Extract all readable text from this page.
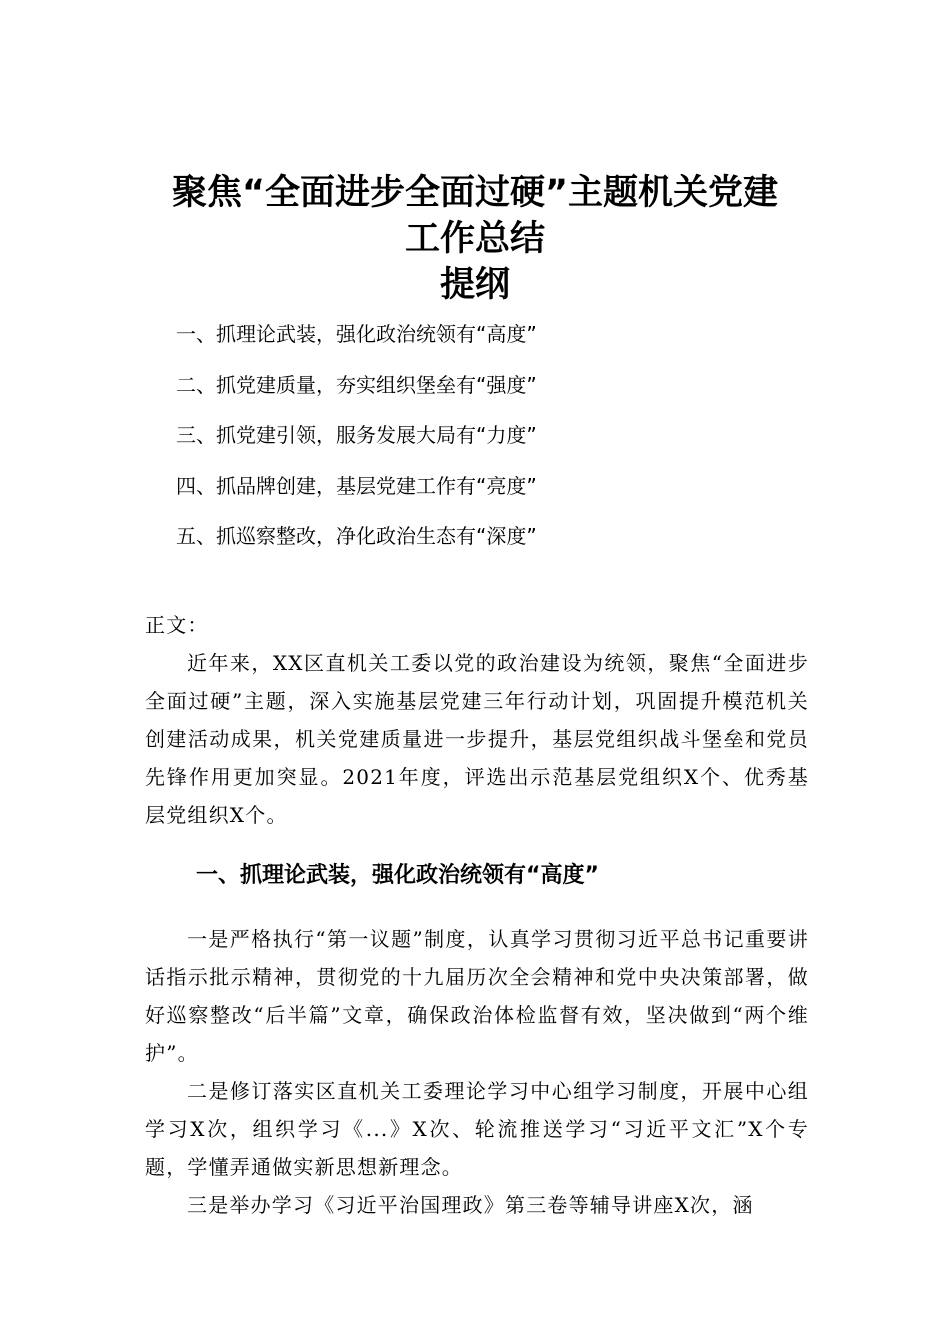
聚焦“全面进步全面过硬”主题机关党建
工作总结
提纲
一、抓理论武装，强化政治统领有“高度”
二、抓党建质量，夯实组织堡垒有“强度”
三、抓党建引领，服务发展大局有“力度”
四、抓品牌创建，基层党建工作有“亮度”
五、抓巡察整改，净化政治生态有“深度”

正文：

近年来，XX区直机关工委以党的政治建设为统领，聚焦“全面进步全面过硬”主题，深入实施基层党建三年行动计划，巩固提升模范机关创建活动成果，机关党建质量进一步提升，基层党组织战斗堡垒和党员先锋作用更加突显。2021年度，评选出示范基层党组织X个、优秀基层党组织X个。

一、抓理论武装，强化政治统领有“高度”

一是严格执行“第一议题”制度，认真学习贯彻习近平总书记重要讲话指示批示精神，贯彻党的十九届历次全会精神和党中央决策部署，做好巡察整改“后半篇”文章，确保政治体检监督有效，坚决做到“两个维护”。

二是修订落实区直机关工委理论学习中心组学习制度，开展中心组学习X次，组织学习《...》X次、轮流推送学习“习近平文汇”X个专题，学懂弄通做实新思想新理念。

三是举办学习《习近平治国理政》第三卷等辅导讲座X次，涵
